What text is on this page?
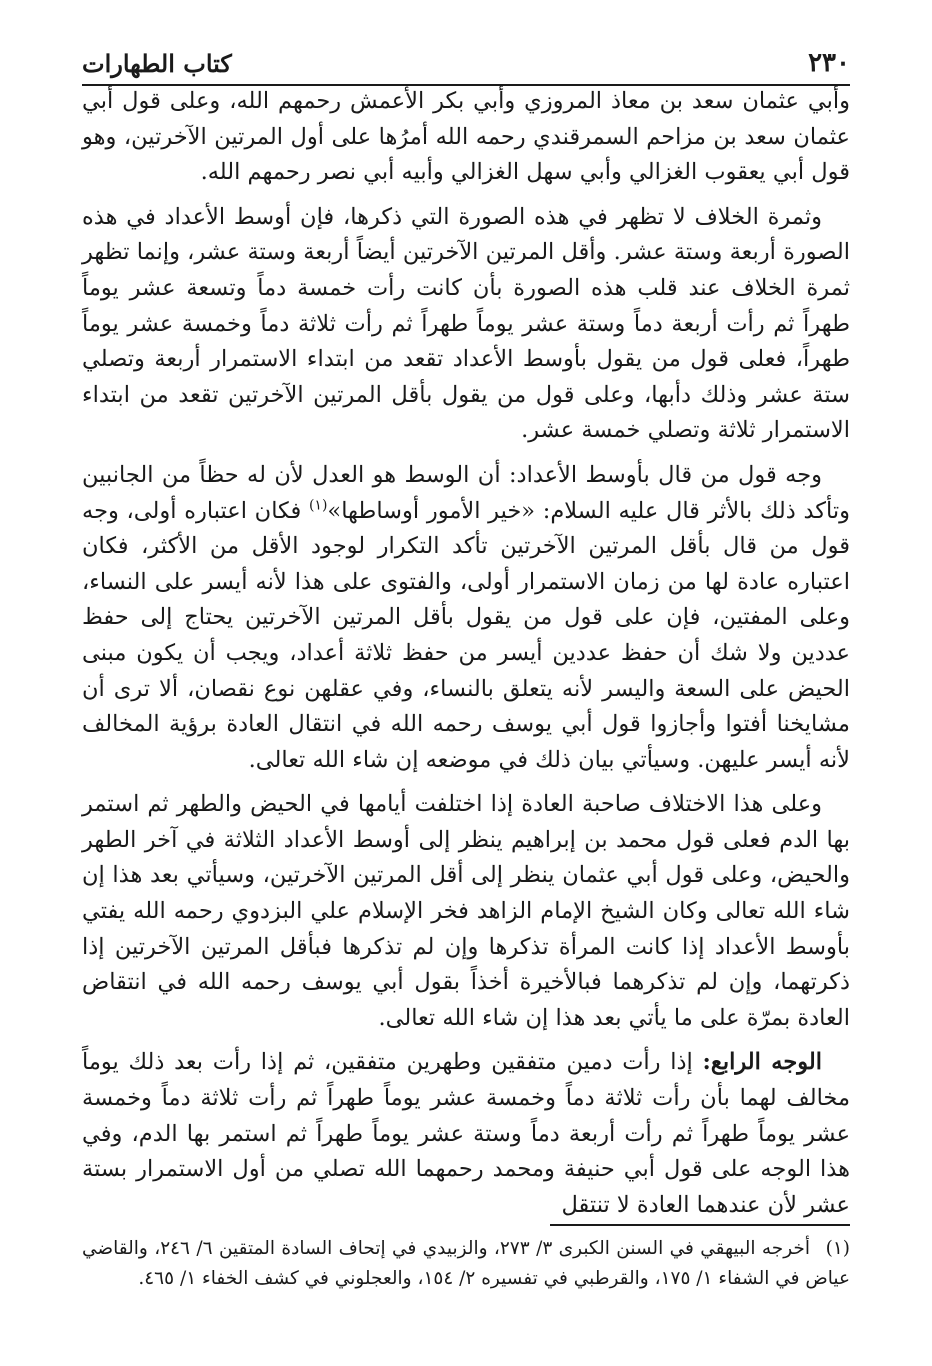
٢٣٠
كتاب الطهارات

وأبي عثمان سعد بن معاذ المروزي وأبي بكر الأعمش رحمهم الله، وعلى قول أبي عثمان سعد بن مزاحم السمرقندي رحمه الله أمرُها على أول المرتين الآخرتين، وهو قول أبي يعقوب الغزالي وأبي سهل الغزالي وأبيه أبي نصر رحمهم الله.

وثمرة الخلاف لا تظهر في هذه الصورة التي ذكرها، فإن أوسط الأعداد في هذه الصورة أربعة وستة عشر. وأقل المرتين الآخرتين أيضاً أربعة وستة عشر، وإنما تظهر ثمرة الخلاف عند قلب هذه الصورة بأن كانت رأت خمسة دماً وتسعة عشر يوماً طهراً ثم رأت أربعة دماً وستة عشر يوماً طهراً ثم رأت ثلاثة دماً وخمسة عشر يوماً طهراً، فعلى قول من يقول بأوسط الأعداد تقعد من ابتداء الاستمرار أربعة وتصلي ستة عشر وذلك دأبها، وعلى قول من يقول بأقل المرتين الآخرتين تقعد من ابتداء الاستمرار ثلاثة وتصلي خمسة عشر.

وجه قول من قال بأوسط الأعداد: أن الوسط هو العدل لأن له حظاً من الجانبين وتأكد ذلك بالأثر قال عليه السلام: «خير الأمور أوساطها»$^{(١)}$ فكان اعتباره أولى، وجه قول من قال بأقل المرتين الآخرتين تأكد التكرار لوجود الأقل من الأكثر، فكان اعتباره عادة لها من زمان الاستمرار أولى، والفتوى على هذا لأنه أيسر على النساء، وعلى المفتين، فإن على قول من يقول بأقل المرتين الآخرتين يحتاج إلى حفظ عددين ولا شك أن حفظ عددين أيسر من حفظ ثلاثة أعداد، ويجب أن يكون مبنى الحيض على السعة واليسر لأنه يتعلق بالنساء، وفي عقلهن نوع نقصان، ألا ترى أن مشايخنا أفتوا وأجازوا قول أبي يوسف رحمه الله في انتقال العادة برؤية المخالف لأنه أيسر عليهن. وسيأتي بيان ذلك في موضعه إن شاء الله تعالى.

وعلى هذا الاختلاف صاحبة العادة إذا اختلفت أيامها في الحيض والطهر ثم استمر بها الدم فعلى قول محمد بن إبراهيم ينظر إلى أوسط الأعداد الثلاثة في آخر الطهر والحيض، وعلى قول أبي عثمان ينظر إلى أقل المرتين الآخرتين، وسيأتي بعد هذا إن شاء الله تعالى وكان الشيخ الإمام الزاهد فخر الإسلام علي البزدوي رحمه الله يفتي بأوسط الأعداد إذا كانت المرأة تذكرها وإن لم تذكرها فبأقل المرتين الآخرتين إذا ذكرتهما، وإن لم تذكرهما فبالأخيرة أخذاً بقول أبي يوسف رحمه الله في انتقاض العادة بمرّة على ما يأتي بعد هذا إن شاء الله تعالى.

الوجه الرابع: إذا رأت دمين متفقين وطهرين متفقين، ثم إذا رأت بعد ذلك يوماً مخالف لهما بأن رأت ثلاثة دماً وخمسة عشر يوماً طهراً ثم رأت ثلاثة دماً وخمسة عشر يوماً طهراً ثم رأت أربعة دماً وستة عشر يوماً طهراً ثم استمر بها الدم، وفي هذا الوجه على قول أبي حنيفة ومحمد رحمهما الله تصلي من أول الاستمرار بستة عشر لأن عندهما العادة لا تنتقل

(١)أخرجه البيهقي في السنن الكبرى ٣/ ٢٧٣، والزبيدي في إتحاف السادة المتقين ٦/ ٢٤٦، والقاضي عياض في الشفاء ١/ ١٧٥، والقرطبي في تفسيره ٢/ ١٥٤، والعجلوني في كشف الخفاء ١/ ٤٦٥.
